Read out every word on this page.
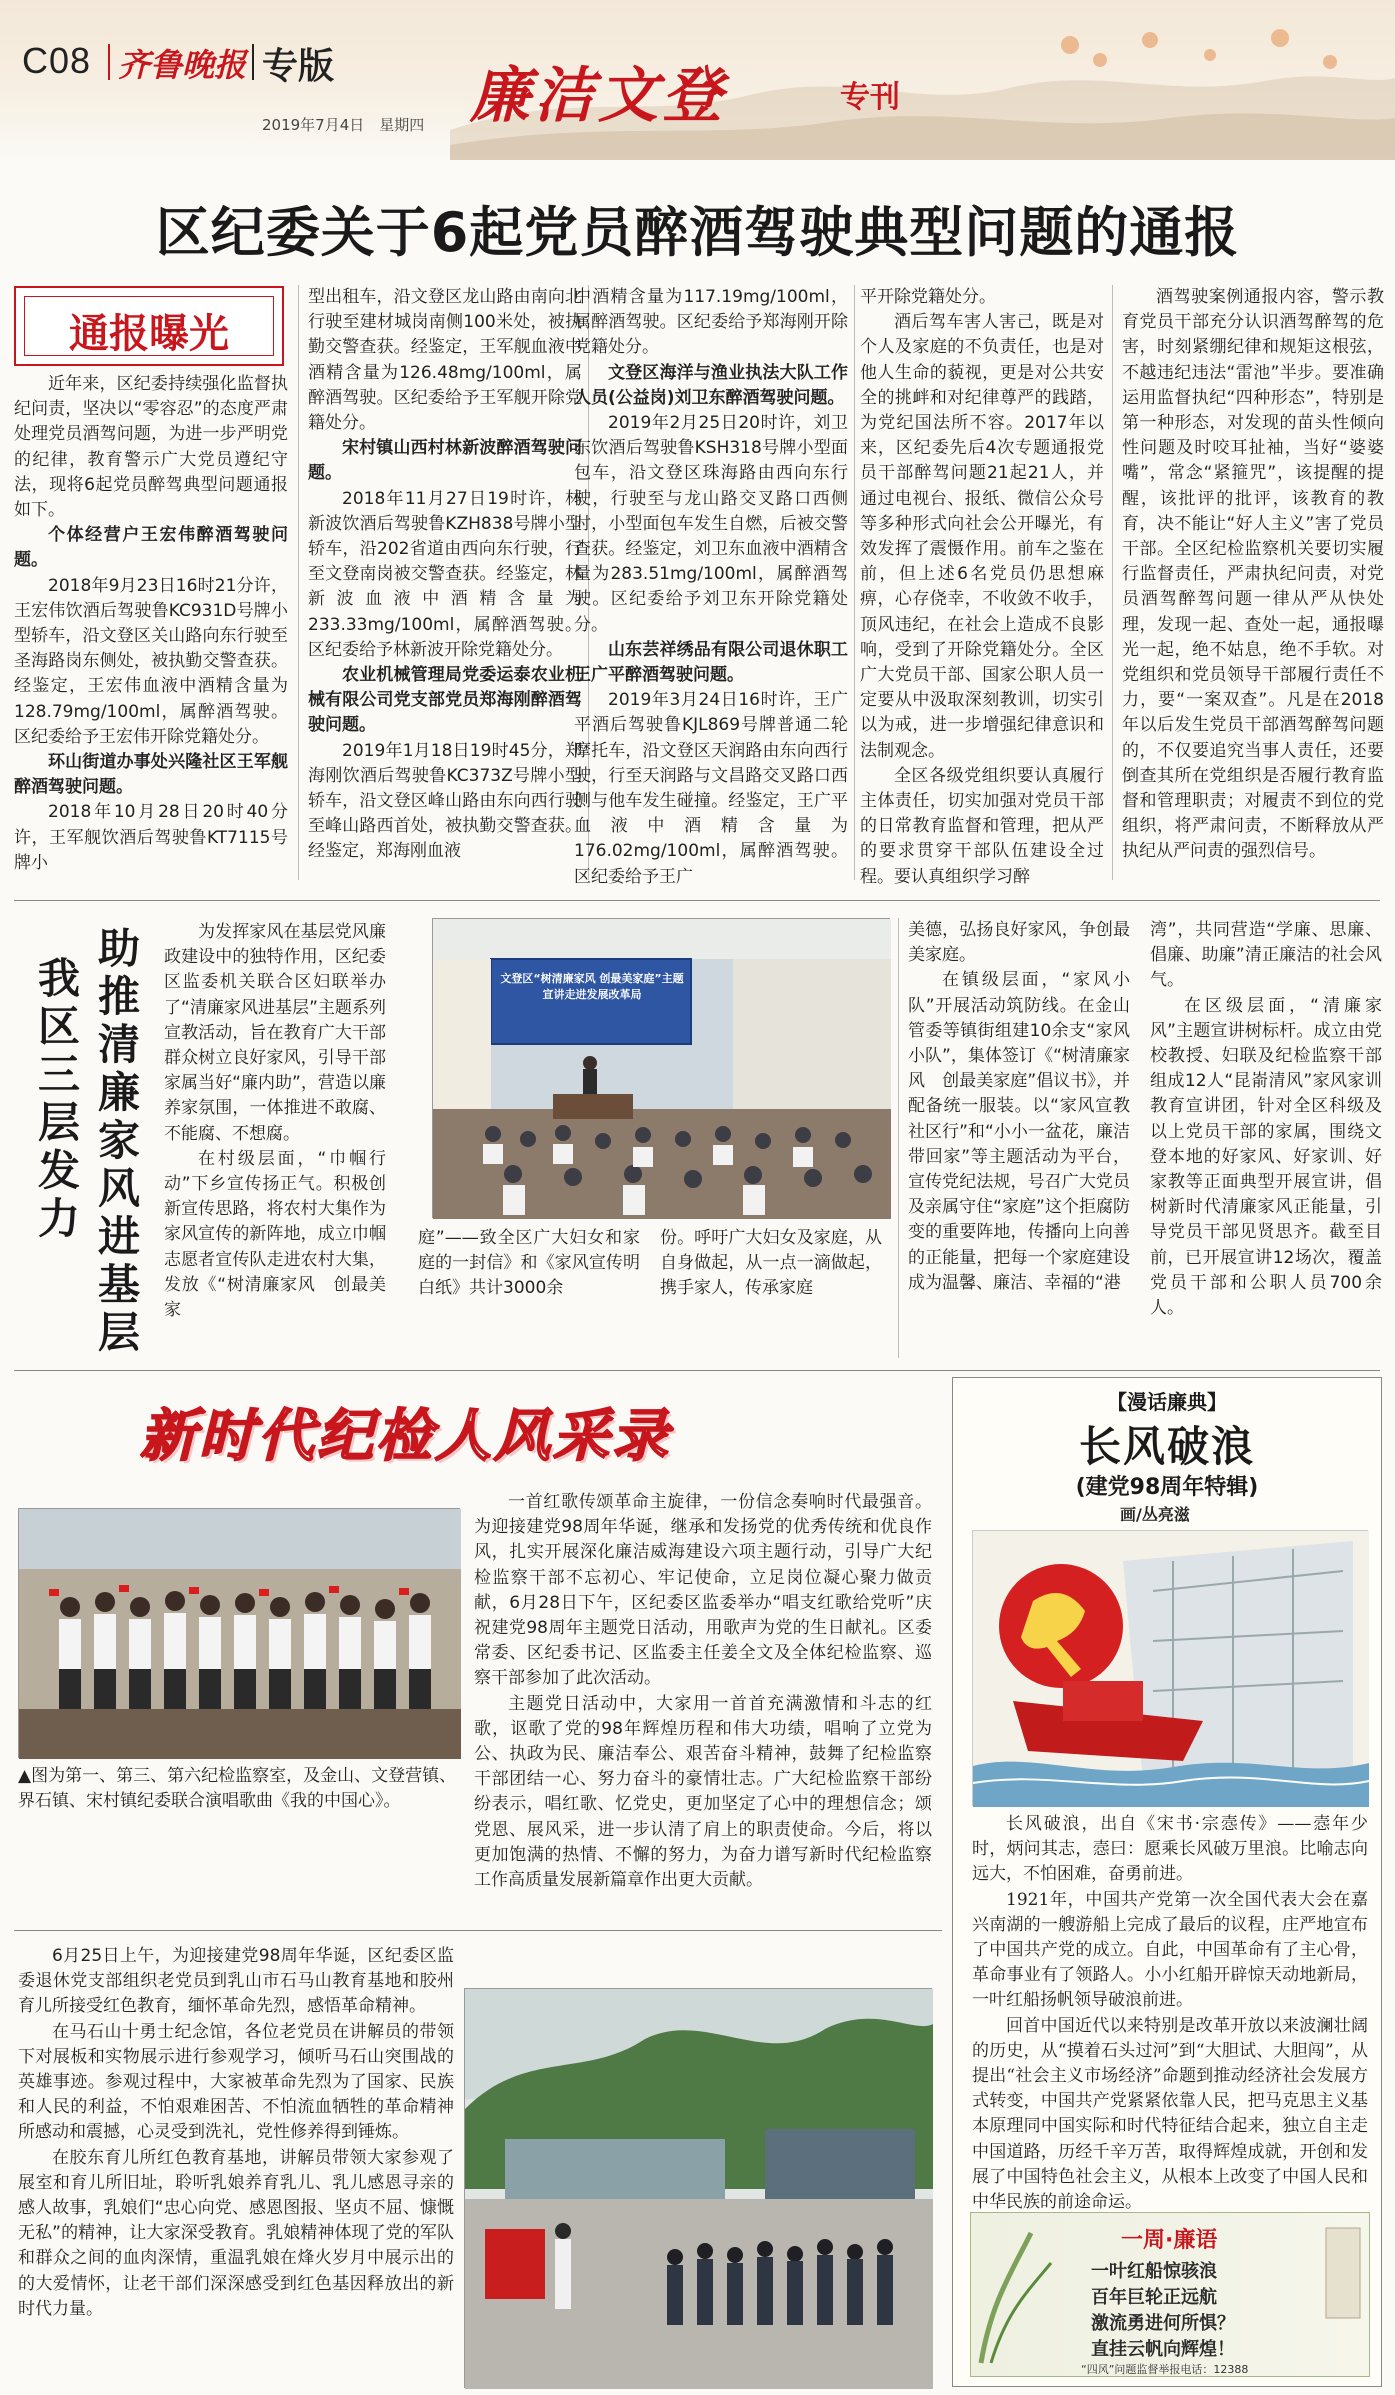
C08 齐鲁晚报 专版
2019年7月4日　星期四 廉洁文登	专刊
区纪委关于6起党员醉酒驾驶典型问题的通报
通报曝光

近年来，区纪委持续强化监督执纪问责，坚决以“零容忍”的态度严肃处理党员酒驾问题，为进一步严明党的纪律，教育警示广大党员遵纪守法，现将6起党员醉驾典型问题通报如下。

个体经营户王宏伟醉酒驾驶问题。

2018年9月23日16时21分许，王宏伟饮酒后驾驶鲁KC931D号牌小型轿车，沿文登区关山路向东行驶至圣海路岗东侧处，被执勤交警查获。经鉴定，王宏伟血液中酒精含量为128.79mg/100ml，属醉酒驾驶。区纪委给予王宏伟开除党籍处分。

环山街道办事处兴隆社区王军舰醉酒驾驶问题。

2018年10月28日20时40分许，王军舰饮酒后驾驶鲁KT7115号牌小

型出租车，沿文登区龙山路由南向北行驶至建材城岗南侧100米处，被执勤交警查获。经鉴定，王军舰血液中酒精含量为126.48mg/100ml，属醉酒驾驶。区纪委给予王军舰开除党籍处分。

宋村镇山西村林新波醉酒驾驶问题。

2018年11月27日19时许，林新波饮酒后驾驶鲁KZH838号牌小型轿车，沿202省道由西向东行驶，行至文登南岗被交警查获。经鉴定，林新波血液中酒精含量为233.33mg/100ml，属醉酒驾驶。区纪委给予林新波开除党籍处分。

农业机械管理局党委运泰农业机械有限公司党支部党员郑海刚醉酒驾驶问题。

2019年1月18日19时45分，郑海刚饮酒后驾驶鲁KC373Z号牌小型轿车，沿文登区峰山路由东向西行驶至峰山路西首处，被执勤交警查获。经鉴定，郑海刚血液

中酒精含量为117.19mg/100ml，属醉酒驾驶。区纪委给予郑海刚开除党籍处分。

文登区海洋与渔业执法大队工作人员(公益岗)刘卫东醉酒驾驶问题。

2019年2月25日20时许，刘卫东饮酒后驾驶鲁KSH318号牌小型面包车，沿文登区珠海路由西向东行驶，行驶至与龙山路交叉路口西侧时，小型面包车发生自燃，后被交警查获。经鉴定，刘卫东血液中酒精含量为283.51mg/100ml，属醉酒驾驶。区纪委给予刘卫东开除党籍处分。

山东芸祥绣品有限公司退休职工王广平醉酒驾驶问题。

2019年3月24日16时许，王广平酒后驾驶鲁KJL869号牌普通二轮摩托车，沿文登区天润路由东向西行驶，行至天润路与文昌路交叉路口西侧与他车发生碰撞。经鉴定，王广平血液中酒精含量为176.02mg/100ml，属醉酒驾驶。区纪委给予王广

平开除党籍处分。

酒后驾车害人害己，既是对个人及家庭的不负责任，也是对他人生命的藐视，更是对公共安全的挑衅和对纪律尊严的践踏，为党纪国法所不容。2017年以来，区纪委先后4次专题通报党员干部醉驾问题21起21人，并通过电视台、报纸、微信公众号等多种形式向社会公开曝光，有效发挥了震慑作用。前车之鉴在前，但上述6名党员仍思想麻痹，心存侥幸，不收敛不收手，顶风违纪，在社会上造成不良影响，受到了开除党籍处分。全区广大党员干部、国家公职人员一定要从中汲取深刻教训，切实引以为戒，进一步增强纪律意识和法制观念。

全区各级党组织要认真履行主体责任，切实加强对党员干部的日常教育监督和管理，把从严的要求贯穿干部队伍建设全过程。要认真组织学习醉

酒驾驶案例通报内容，警示教育党员干部充分认识酒驾醉驾的危害，时刻紧绷纪律和规矩这根弦，不越违纪违法“雷池”半步。要准确运用监督执纪“四种形态”，特别是第一种形态，对发现的苗头性倾向性问题及时咬耳扯袖，当好“婆婆嘴”，常念“紧箍咒”，该提醒的提醒，该批评的批评，该教育的教育，决不能让“好人主义”害了党员干部。全区纪检监察机关要切实履行监督责任，严肃执纪问责，对党员酒驾醉驾问题一律从严从快处理，发现一起、查处一起，通报曝光一起，绝不姑息，绝不手软。对党组织和党员领导干部履行责任不力，要“一案双查”。凡是在2018年以后发生党员干部酒驾醉驾问题的，不仅要追究当事人责任，还要倒查其所在党组织是否履行教育监督和管理职责；对履责不到位的党组织，将严肃问责，不断释放从严执纪从严问责的强烈信号。

助推清廉家风进基层
我区三层发力

为发挥家风在基层党风廉政建设中的独特作用，区纪委区监委机关联合区妇联举办了“清廉家风进基层”主题系列宣教活动，旨在教育广大干部群众树立良好家风，引导干部家属当好“廉内助”，营造以廉养家氛围，一体推进不敢腐、不能腐、不想腐。

在村级层面，“巾帼行动”下乡宣传扬正气。积极创新宣传思路，将农村大集作为家风宣传的新阵地，成立巾帼志愿者宣传队走进农村大集，发放《“树清廉家风　创最美家

文登区“树清廉家风 创最美家庭”主题宣讲走进发展改革局

庭”——致全区广大妇女和家庭的一封信》和《家风宣传明白纸》共计3000余

份。呼吁广大妇女及家庭，从自身做起，从一点一滴做起，携手家人，传承家庭

美德，弘扬良好家风，争创最美家庭。

在镇级层面，“家风小队”开展活动筑防线。在金山管委等镇街组建10余支“家风小队”，集体签订《“树清廉家风　创最美家庭”倡议书》，并配备统一服装。以“家风宣教社区行”和“小小一盆花，廉洁带回家”等主题活动为平台，宣传党纪法规，号召广大党员及亲属守住“家庭”这个拒腐防变的重要阵地，传播向上向善的正能量，把每一个家庭建设成为温馨、廉洁、幸福的“港

湾”，共同营造“学廉、思廉、倡廉、助廉”清正廉洁的社会风气。

在区级层面，“清廉家风”主题宣讲树标杆。成立由党校教授、妇联及纪检监察干部组成12人“昆嵛清风”家风家训教育宣讲团，针对全区科级及以上党员干部的家属，围绕文登本地的好家风、好家训、好家教等正面典型开展宣讲，倡树新时代清廉家风正能量，引导党员干部见贤思齐。截至目前，已开展宣讲12场次，覆盖党员干部和公职人员700余人。

新时代纪检人风采录
▲图为第一、第三、第六纪检监察室，及金山、文登营镇、界石镇、宋村镇纪委联合演唱歌曲《我的中国心》。

一首红歌传颂革命主旋律，一份信念奏响时代最强音。为迎接建党98周年华诞，继承和发扬党的优秀传统和优良作风，扎实开展深化廉洁威海建设六项主题行动，引导广大纪检监察干部不忘初心、牢记使命，立足岗位凝心聚力做贡献，6月28日下午，区纪委区监委举办“唱支红歌给党听”庆祝建党98周年主题党日活动，用歌声为党的生日献礼。区委常委、区纪委书记、区监委主任姜全文及全体纪检监察、巡察干部参加了此次活动。

主题党日活动中，大家用一首首充满激情和斗志的红歌，讴歌了党的98年辉煌历程和伟大功绩，唱响了立党为公、执政为民、廉洁奉公、艰苦奋斗精神，鼓舞了纪检监察干部团结一心、努力奋斗的豪情壮志。广大纪检监察干部纷纷表示，唱红歌、忆党史，更加坚定了心中的理想信念；颂党恩、展风采，进一步认清了肩上的职责使命。今后，将以更加饱满的热情、不懈的努力，为奋力谱写新时代纪检监察工作高质量发展新篇章作出更大贡献。

6月25日上午，为迎接建党98周年华诞，区纪委区监委退休党支部组织老党员到乳山市石马山教育基地和胶州育儿所接受红色教育，缅怀革命先烈，感悟革命精神。

在马石山十勇士纪念馆，各位老党员在讲解员的带领下对展板和实物展示进行参观学习，倾听马石山突围战的英雄事迹。参观过程中，大家被革命先烈为了国家、民族和人民的利益，不怕艰难困苦、不怕流血牺牲的革命精神所感动和震撼，心灵受到洗礼，党性修养得到锤炼。

在胶东育儿所红色教育基地，讲解员带领大家参观了展室和育儿所旧址，聆听乳娘养育乳儿、乳儿感恩寻亲的感人故事，乳娘们“忠心向党、感恩图报、坚贞不屈、慷慨无私”的精神，让大家深受教育。乳娘精神体现了党的军队和群众之间的血肉深情，重温乳娘在烽火岁月中展示出的的大爱情怀，让老干部们深深感受到红色基因释放出的新时代力量。

【漫话廉典】
长风破浪
(建党98周年特辑)
画/丛亮滋

长风破浪，出自《宋书·宗悫传》——悫年少时，炳问其志，悫曰：愿乘长风破万里浪。比喻志向远大，不怕困难，奋勇前进。

1921年，中国共产党第一次全国代表大会在嘉兴南湖的一艘游船上完成了最后的议程，庄严地宣布了中国共产党的成立。自此，中国革命有了主心骨，革命事业有了领路人。小小红船开辟惊天动地新局，一叶红船扬帆领导破浪前进。

回首中国近代以来特别是改革开放以来波澜壮阔的历史，从“摸着石头过河”到“大胆试、大胆闯”，从提出“社会主义市场经济”命题到推动经济社会发展方式转变，中国共产党紧紧依靠人民，把马克思主义基本原理同中国实际和时代特征结合起来，独立自主走中国道路，历经千辛万苦，取得辉煌成就，开创和发展了中国特色社会主义，从根本上改变了中国人民和中华民族的前途命运。

一周·廉语
一叶红船惊骇浪
百年巨轮正远航
激流勇进何所惧？
直挂云帆向辉煌！
“四风”问题监督举报电话：12388
